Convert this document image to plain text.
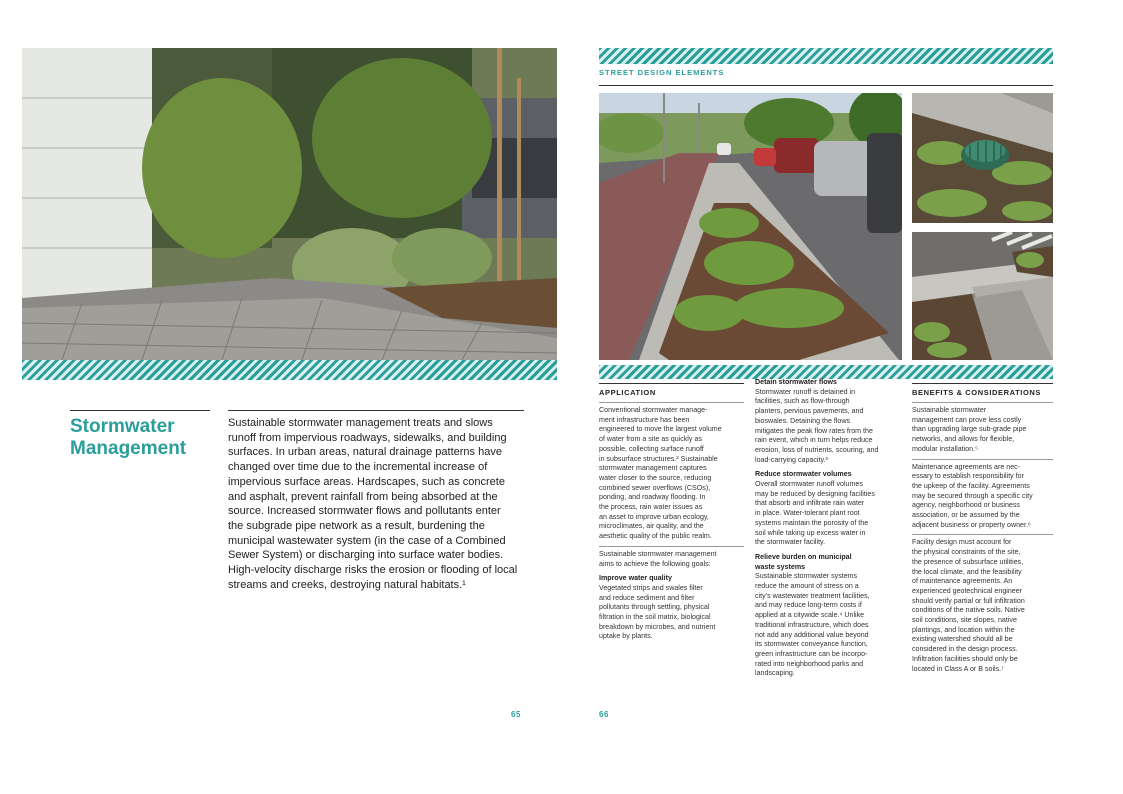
Stormwater
Management
Sustainable stormwater management treats and slows
runoff from impervious roadways, sidewalks, and building
surfaces. In urban areas, natural drainage patterns have
changed over time due to the incremental increase of
impervious surface areas. Hardscapes, such as concrete
and asphalt, prevent rainfall from being absorbed at the
source. Increased stormwater flows and pollutants enter
the subgrade pipe network as a result, burdening the
municipal wastewater system (in the case of a Combined
Sewer System) or discharging into surface water bodies.
High-velocity discharge risks the erosion or flooding of local
streams and creeks, destroying natural habitats.¹
65
STREET DESIGN ELEMENTS
APPLICATION
Conventional stormwater manage-
ment infrastructure has been
engineered to move the largest volume
of water from a site as quickly as
possible, collecting surface runoff
in subsurface structures.² Sustainable
stormwater management captures
water closer to the source, reducing
combined sewer overflows (CSOs),
ponding, and roadway flooding. In
the process, rain water issues as
an asset to improve urban ecology,
microclimates, air quality, and the
aesthetic quality of the public realm.
Sustainable stormwater management
aims to achieve the following goals:
Improve water quality
Vegetated strips and swales filter
and reduce sediment and filter
pollutants through settling, physical
filtration in the soil matrix, biological
breakdown by microbes, and nutrient
uptake by plants.
Detain stormwater flows
Stormwater runoff is detained in
facilities, such as flow-through
planters, pervious pavements, and
bioswales. Detaining the flows
mitigates the peak flow rates from the
rain event, which in turn helps reduce
erosion, loss of nutrients, scouring, and
load-carrying capacity.³
Reduce stormwater volumes
Overall stormwater runoff volumes
may be reduced by designing facilities
that absorb and infiltrate rain water
in place. Water-tolerant plant root
systems maintain the porosity of the
soil while taking up excess water in
the stormwater facility.
Relieve burden on municipal
waste systems
Sustainable stormwater systems
reduce the amount of stress on a
city’s wastewater treatment facilities,
and may reduce long-term costs if
applied at a citywide scale.⁴ Unlike
traditional infrastructure, which does
not add any additional value beyond
its stormwater conveyance function,
green infrastructure can be incorpo-
rated into neighborhood parks and
landscaping.
BENEFITS & CONSIDERATIONS
Sustainable stormwater
management can prove less costly
than upgrading large sub-grade pipe
networks, and allows for flexible,
modular installation.⁵
Maintenance agreements are nec-
essary to establish responsibility for
the upkeep of the facility. Agreements
may be secured through a specific city
agency, neighborhood or business
association, or be assumed by the
adjacent business or property owner.⁶
Facility design must account for
the physical constraints of the site,
the presence of subsurface utilities,
the local climate, and the feasibility
of maintenance agreements. An
experienced geotechnical engineer
should verify partial or full infiltration
conditions of the native soils. Native
soil conditions, site slopes, native
plantings, and location within the
existing watershed should all be
considered in the design process.
Infiltration facilities should only be
located in Class A or B soils.⁷
66
